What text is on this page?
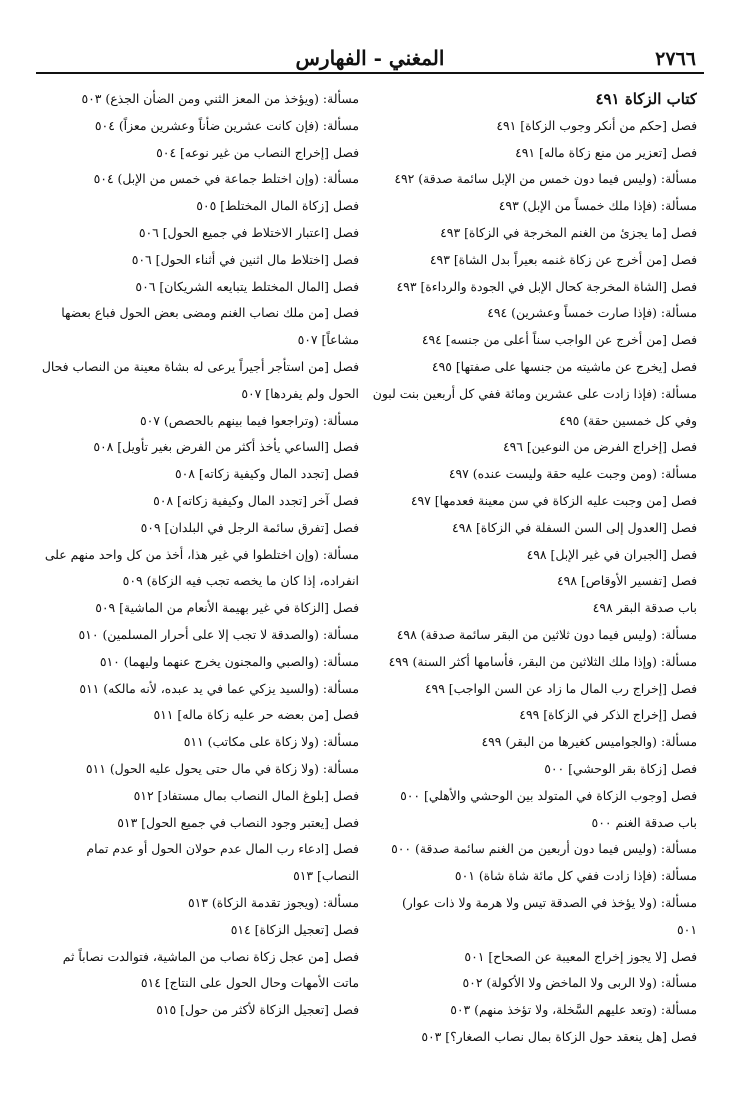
٢٧٦٦
المغني - الفهارس
كتاب الزكاة ٤٩١
فصل [حكم من أنكر وجوب الزكاة] ٤٩١
فصل [تعزير من منع زكاة ماله] ٤٩١
مسألة: (وليس فيما دون خمس من الإبل سائمة صدقة) ٤٩٢
مسألة: (فإذا ملك خمساً من الإبل) ٤٩٣
فصل [ما يجزئ من الغنم المخرجة في الزكاة] ٤٩٣
فصل [من أخرج عن زكاة غنمه بعيراً بدل الشاة] ٤٩٣
فصل [الشاة المخرجة كحال الإبل في الجودة والرداءة] ٤٩٣
مسألة: (فإذا صارت خمساً وعشرين) ٤٩٤
فصل [من أخرج عن الواجب سناً أعلى من جنسه] ٤٩٤
فصل [يخرج عن ماشيته من جنسها على صفتها] ٤٩٥
مسألة: (فإذا زادت على عشرين ومائة ففي كل أربعين بنت لبون
وفي كل خمسين حقة) ٤٩٥
فصل [إخراج الفرض من النوعين] ٤٩٦
مسألة: (ومن وجبت عليه حقة وليست عنده) ٤٩٧
فصل [من وجبت عليه الزكاة في سن معينة فعدمها] ٤٩٧
فصل [العدول إلى السن السفلة في الزكاة] ٤٩٨
فصل [الجبران في غير الإبل] ٤٩٨
فصل [تفسير الأوقاص] ٤٩٨
باب صدقة البقر ٤٩٨
مسألة: (وليس فيما دون ثلاثين من البقر سائمة صدقة) ٤٩٨
مسألة: (وإذا ملك الثلاثين من البقر، فأسامها أكثر السنة) ٤٩٩
فصل [إخراج رب المال ما زاد عن السن الواجب] ٤٩٩
فصل [إخراج الذكر في الزكاة] ٤٩٩
مسألة: (والجواميس كغيرها من البقر) ٤٩٩
فصل [زكاة بقر الوحشي] ٥٠٠
فصل [وجوب الزكاة في المتولد بين الوحشي والأهلي] ٥٠٠
باب صدقة الغنم ٥٠٠
مسألة: (وليس فيما دون أربعين من الغنم سائمة صدقة) ٥٠٠
مسألة: (فإذا زادت ففي كل مائة شاة شاة) ٥٠١
مسألة: (ولا يؤخذ في الصدقة تيس ولا هرمة ولا ذات عوار)
٥٠١
فصل [لا يجوز إخراج المعيبة عن الصحاح] ٥٠١
مسألة: (ولا الربى ولا الماخض ولا الأكولة) ٥٠٢
مسألة: (وتعد عليهم السَّخلة، ولا تؤخذ منهم) ٥٠٣
فصل [هل ينعقد حول الزكاة بمال نصاب الصغار؟] ٥٠٣
مسألة: (ويؤخذ من المعز الثني ومن الضأن الجذع) ٥٠٣
مسألة: (فإن كانت عشرين ضأناً وعشرين معزاً) ٥٠٤
فصل [إخراج النصاب من غير نوعه] ٥٠٤
مسألة: (وإن اختلط جماعة في خمس من الإبل) ٥٠٤
فصل [زكاة المال المختلط] ٥٠٥
فصل [اعتبار الاختلاط في جميع الحول] ٥٠٦
فصل [اختلاط مال اثنين في أثناء الحول] ٥٠٦
فصل [المال المختلط يتبايعه الشريكان] ٥٠٦
فصل [من ملك نصاب الغنم ومضى بعض الحول فباع بعضها
مشاعاً] ٥٠٧
فصل [من استأجر أجيراً يرعى له بشاة معينة من النصاب فحال
الحول ولم يفردها] ٥٠٧
مسألة: (وتراجعوا فيما بينهم بالحصص) ٥٠٧
فصل [الساعي يأخذ أكثر من الفرض بغير تأويل] ٥٠٨
فصل [تجدد المال وكيفية زكاته] ٥٠٨
فصل آخر [تجدد المال وكيفية زكاته] ٥٠٨
فصل [تفرق سائمة الرجل في البلدان] ٥٠٩
مسألة: (وإن اختلطوا في غير هذا، أخذ من كل واحد منهم على
انفراده، إذا كان ما يخصه تجب فيه الزكاة) ٥٠٩
فصل [الزكاة في غير بهيمة الأنعام من الماشية] ٥٠٩
مسألة: (والصدقة لا تجب إلا على أحرار المسلمين) ٥١٠
مسألة: (والصبي والمجنون يخرج عنهما وليهما) ٥١٠
مسألة: (والسيد يزكي عما في يد عبده، لأنه مالكه) ٥١١
فصل [من بعضه حر عليه زكاة ماله] ٥١١
مسألة: (ولا زكاة على مكاتب) ٥١١
مسألة: (ولا زكاة في مال حتى يحول عليه الحول) ٥١١
فصل [بلوغ المال النصاب بمال مستفاد] ٥١٢
فصل [يعتبر وجود النصاب في جميع الحول] ٥١٣
فصل [ادعاء رب المال عدم حولان الحول أو عدم تمام
النصاب] ٥١٣
مسألة: (ويجوز تقدمة الزكاة) ٥١٣
فصل [تعجيل الزكاة] ٥١٤
فصل [من عجل زكاة نصاب من الماشية، فتوالدت نصاباً ثم
ماتت الأمهات وحال الحول على النتاج] ٥١٤
فصل [تعجيل الزكاة لأكثر من حول] ٥١٥
